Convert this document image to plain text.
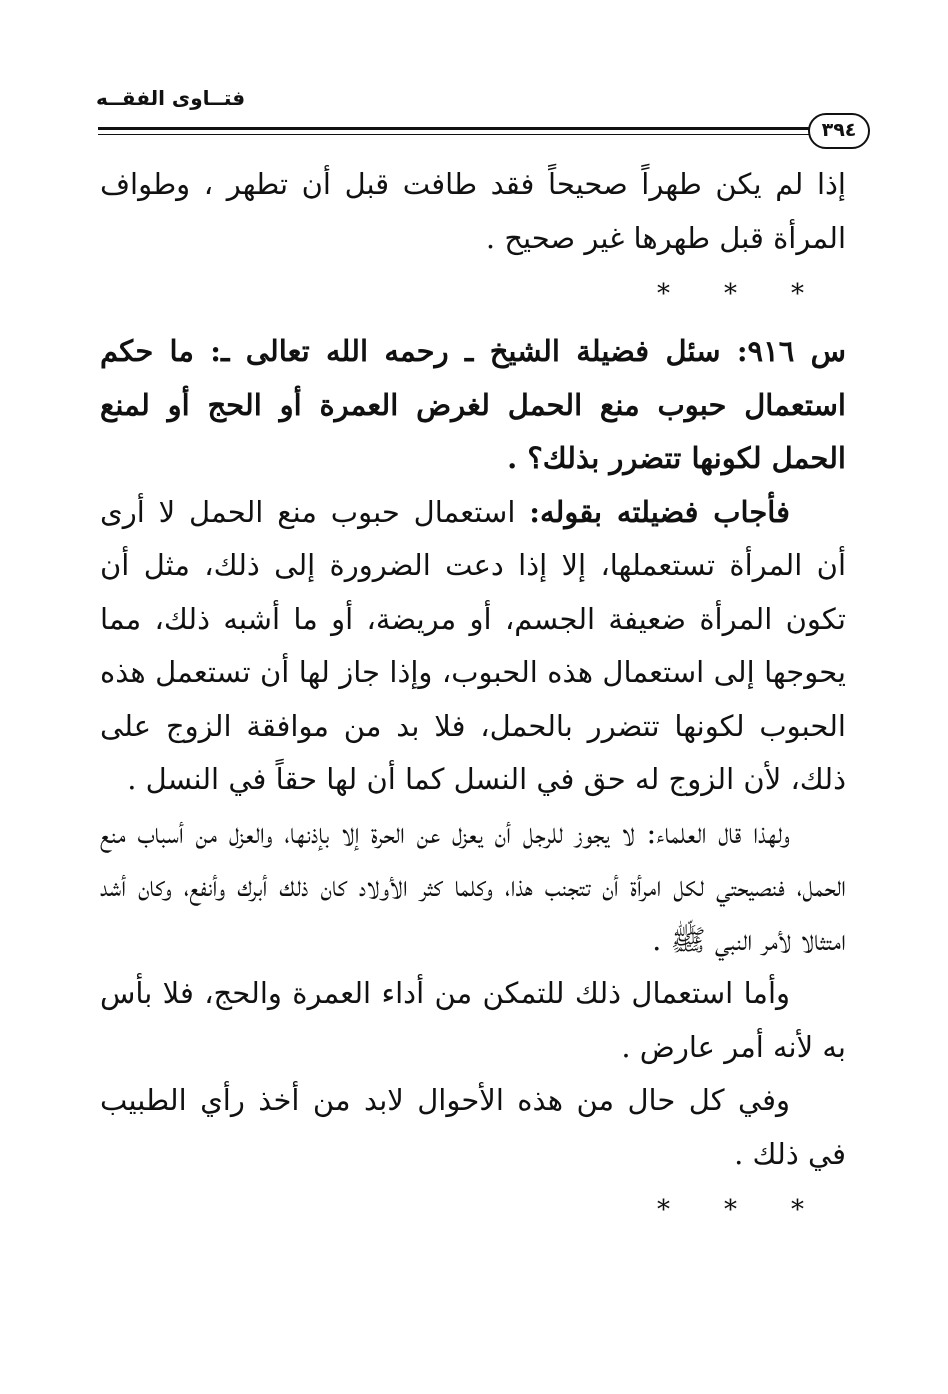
فتــاوى الفقــه
٣٩٤

إذا لم يكن طهراً صحيحاً فقد طافت قبل أن تطهر ، وطواف المرأة قبل طهرها غير صحيح .

***

س ٩١٦: سئل فضيلة الشيخ ـ رحمه الله تعالى ـ: ما حكم استعمال حبوب منع الحمل لغرض العمرة أو الحج أو لمنع الحمل لكونها تتضرر بذلك؟ .

فأجاب فضيلته بقوله: استعمال حبوب منع الحمل لا أرى أن المرأة تستعملها، إلا إذا دعت الضرورة إلى ذلك، مثل أن تكون المرأة ضعيفة الجسم، أو مريضة، أو ما أشبه ذلك، مما يحوجها إلى استعمال هذه الحبوب، وإذا جاز لها أن تستعمل هذه الحبوب لكونها تتضرر بالحمل، فلا بد من موافقة الزوج على ذلك، لأن الزوج له حق في النسل كما أن لها حقاً في النسل .

ولهذا قال العلماء: لا يجوز للرجل أن يعزل عن الحرة إلا بإذنها، والعزل من أسباب منع الحمل، فنصيحتي لكل امرأة أن تتجنب هذا، وكلما كثر الأولاد كان ذلك أبرك وأنفع، وكان أشد امتثالا لأمر النبي ﷺ .

وأما استعمال ذلك للتمكن من أداء العمرة والحج، فلا بأس به لأنه أمر عارض .

وفي كل حال من هذه الأحوال لابد من أخذ رأي الطبيب في ذلك .

***
